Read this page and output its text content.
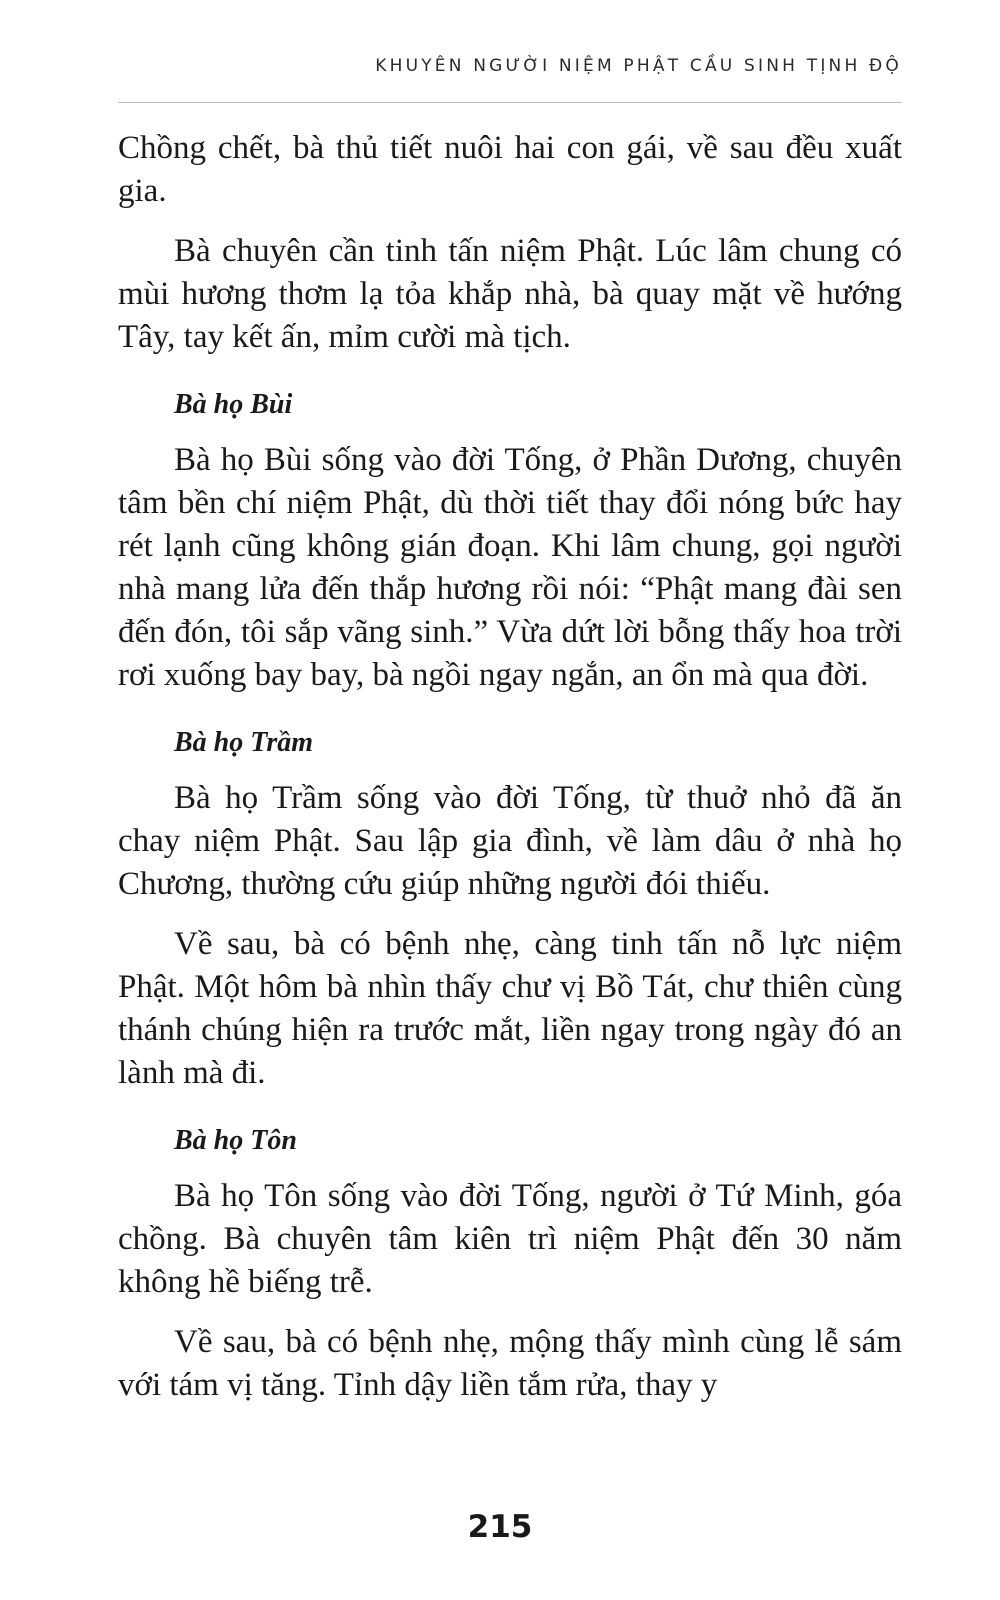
KHUYÊN NGƯỜI NIỆM PHẬT CẦU SINH TỊNH ĐỘ

Chồng chết, bà thủ tiết nuôi hai con gái, về sau đều xuất gia.

Bà chuyên cần tinh tấn niệm Phật. Lúc lâm chung có mùi hương thơm lạ tỏa khắp nhà, bà quay mặt về hướng Tây, tay kết ấn, mỉm cười mà tịch.

Bà họ Bùi

Bà họ Bùi sống vào đời Tống, ở Phần Dương, chuyên tâm bền chí niệm Phật, dù thời tiết thay đổi nóng bức hay rét lạnh cũng không gián đoạn. Khi lâm chung, gọi người nhà mang lửa đến thắp hương rồi nói: “Phật mang đài sen đến đón, tôi sắp vãng sinh.” Vừa dứt lời bỗng thấy hoa trời rơi xuống bay bay, bà ngồi ngay ngắn, an ổn mà qua đời.

Bà họ Trầm

Bà họ Trầm sống vào đời Tống, từ thuở nhỏ đã ăn chay niệm Phật. Sau lập gia đình, về làm dâu ở nhà họ Chương, thường cứu giúp những người đói thiếu.

Về sau, bà có bệnh nhẹ, càng tinh tấn nỗ lực niệm Phật. Một hôm bà nhìn thấy chư vị Bồ Tát, chư thiên cùng thánh chúng hiện ra trước mắt, liền ngay trong ngày đó an lành mà đi.

Bà họ Tôn

Bà họ Tôn sống vào đời Tống, người ở Tứ Minh, góa chồng. Bà chuyên tâm kiên trì niệm Phật đến 30 năm không hề biếng trễ.

Về sau, bà có bệnh nhẹ, mộng thấy mình cùng lễ sám với tám vị tăng. Tỉnh dậy liền tắm rửa, thay y

215
